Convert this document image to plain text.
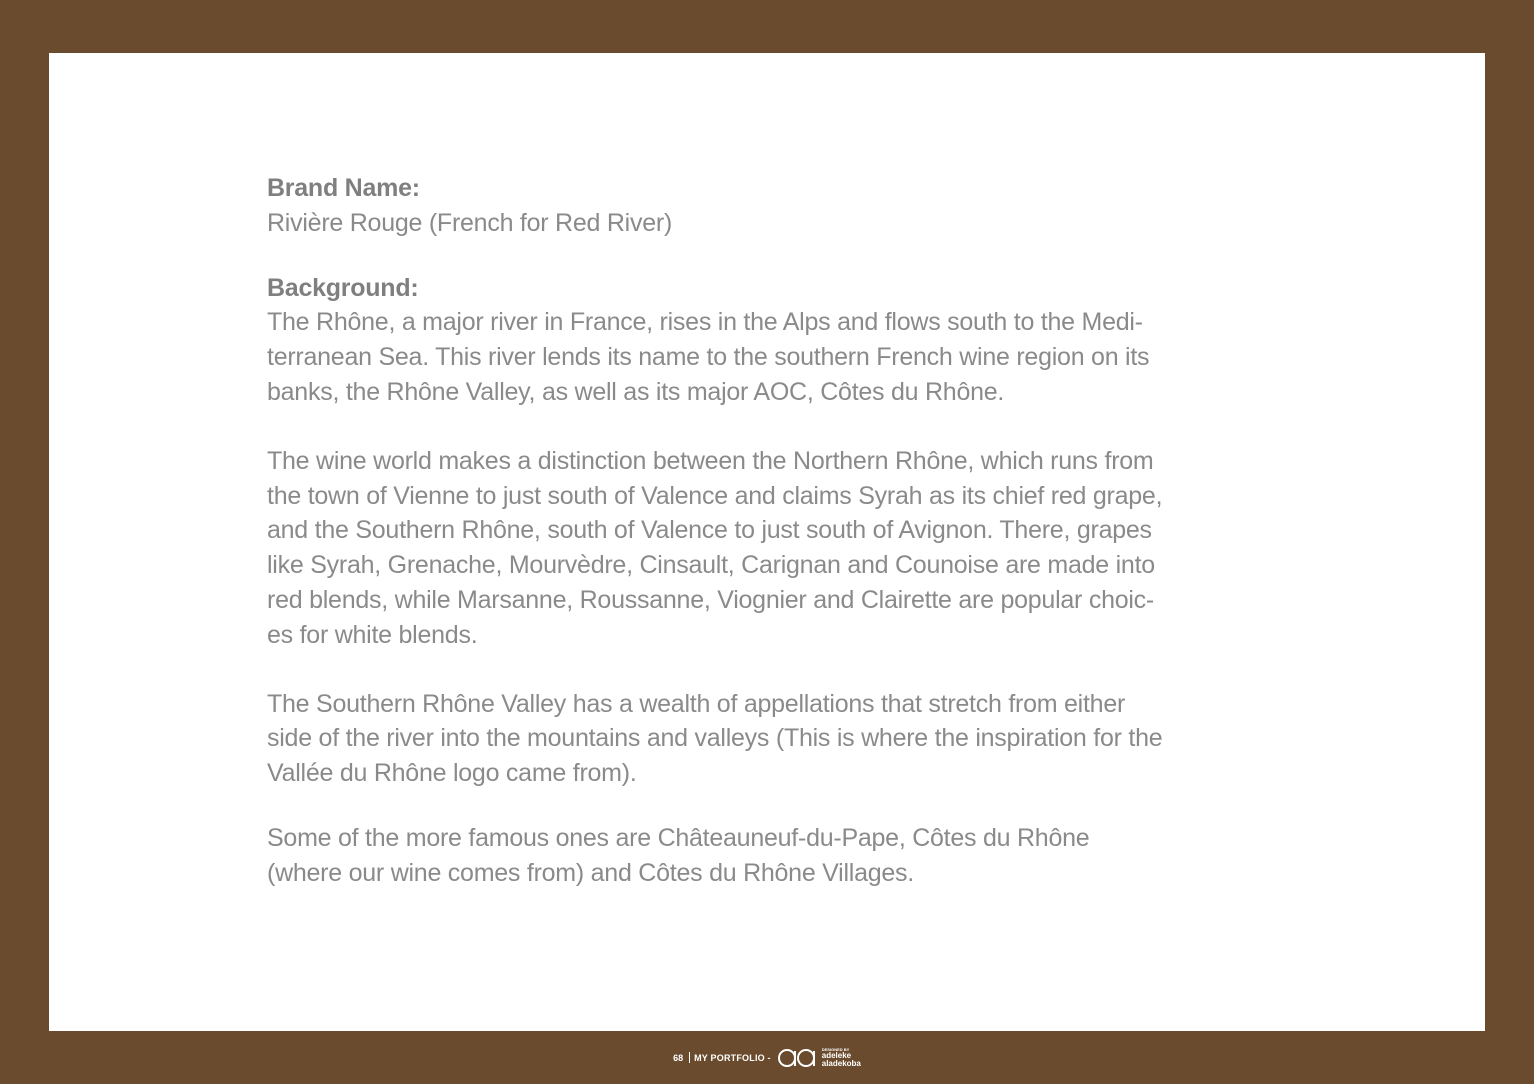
Brand Name:

Rivière Rouge (French for Red River)

Background:

The Rhône, a major river in France, rises in the Alps and flows south to the Medi-
terranean Sea. This river lends its name to the southern French wine region on its
banks, the Rhône Valley, as well as its major AOC, Côtes du Rhône.
The wine world makes a distinction between the Northern Rhône, which runs from
the town of Vienne to just south of Valence and claims Syrah as its chief red grape,
and the Southern Rhône, south of Valence to just south of Avignon. There, grapes
like Syrah, Grenache, Mourvèdre, Cinsault, Carignan and Counoise are made into
red blends, while Marsanne, Roussanne, Viognier and Clairette are popular choic-
es for white blends.
The Southern Rhône Valley has a wealth of appellations that stretch from either
side of the river into the mountains and valleys (This is where the inspiration for the
Vallée du Rhône logo came from).
Some of the more famous ones are Châteauneuf-du-Pape, Côtes du Rhône
(where our wine comes from) and Côtes du Rhône Villages.
68 MY PORTFOLIO -
DESIGNED BY
adeleke
aladekoba
